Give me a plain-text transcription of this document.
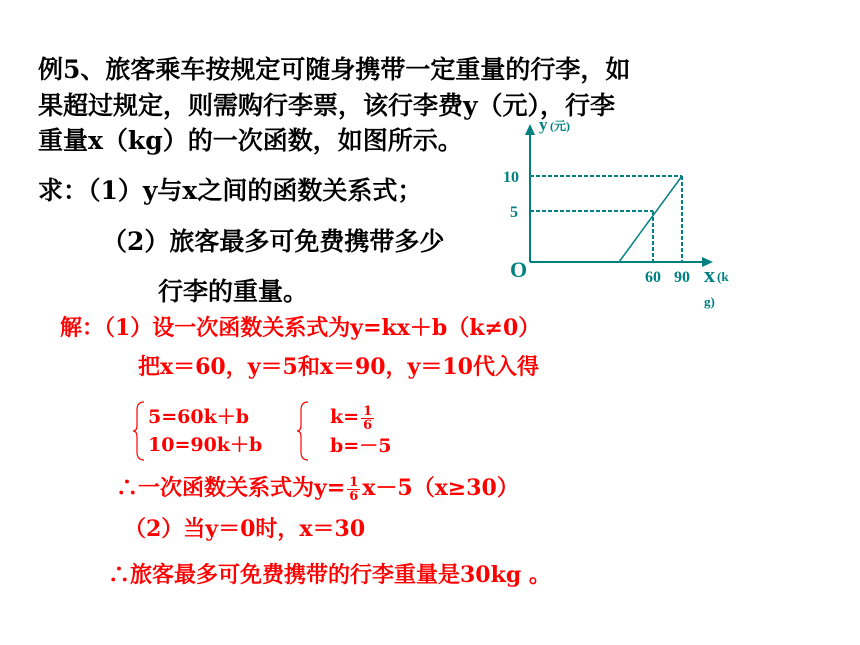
例5、旅客乘车按规定可随身携带一定重量的行李，如
果超过规定，则需购行李票，该行李费y（元），行李
重量x（kg）的一次函数，如图所示。
求：（1）y与x之间的函数关系式；
（2）旅客最多可免费携带多少
行李的重量。
y (元)
10
5
O	60 90 x (k
g)
解：（1）设一次函数关系式为y=kx＋b（k≠0）
把x＝60，y＝5和x＝90，y＝10代入得
5=60k＋b
10=90k＋b
$k= \frac{1}{6}$
b=－5
∴一次函数关系式为$y= \frac{1}{6} x-5(x\ge 30)$
（2）当y＝0时，x＝30
∴旅客最多可免费携带的行李重量是30kg 。
